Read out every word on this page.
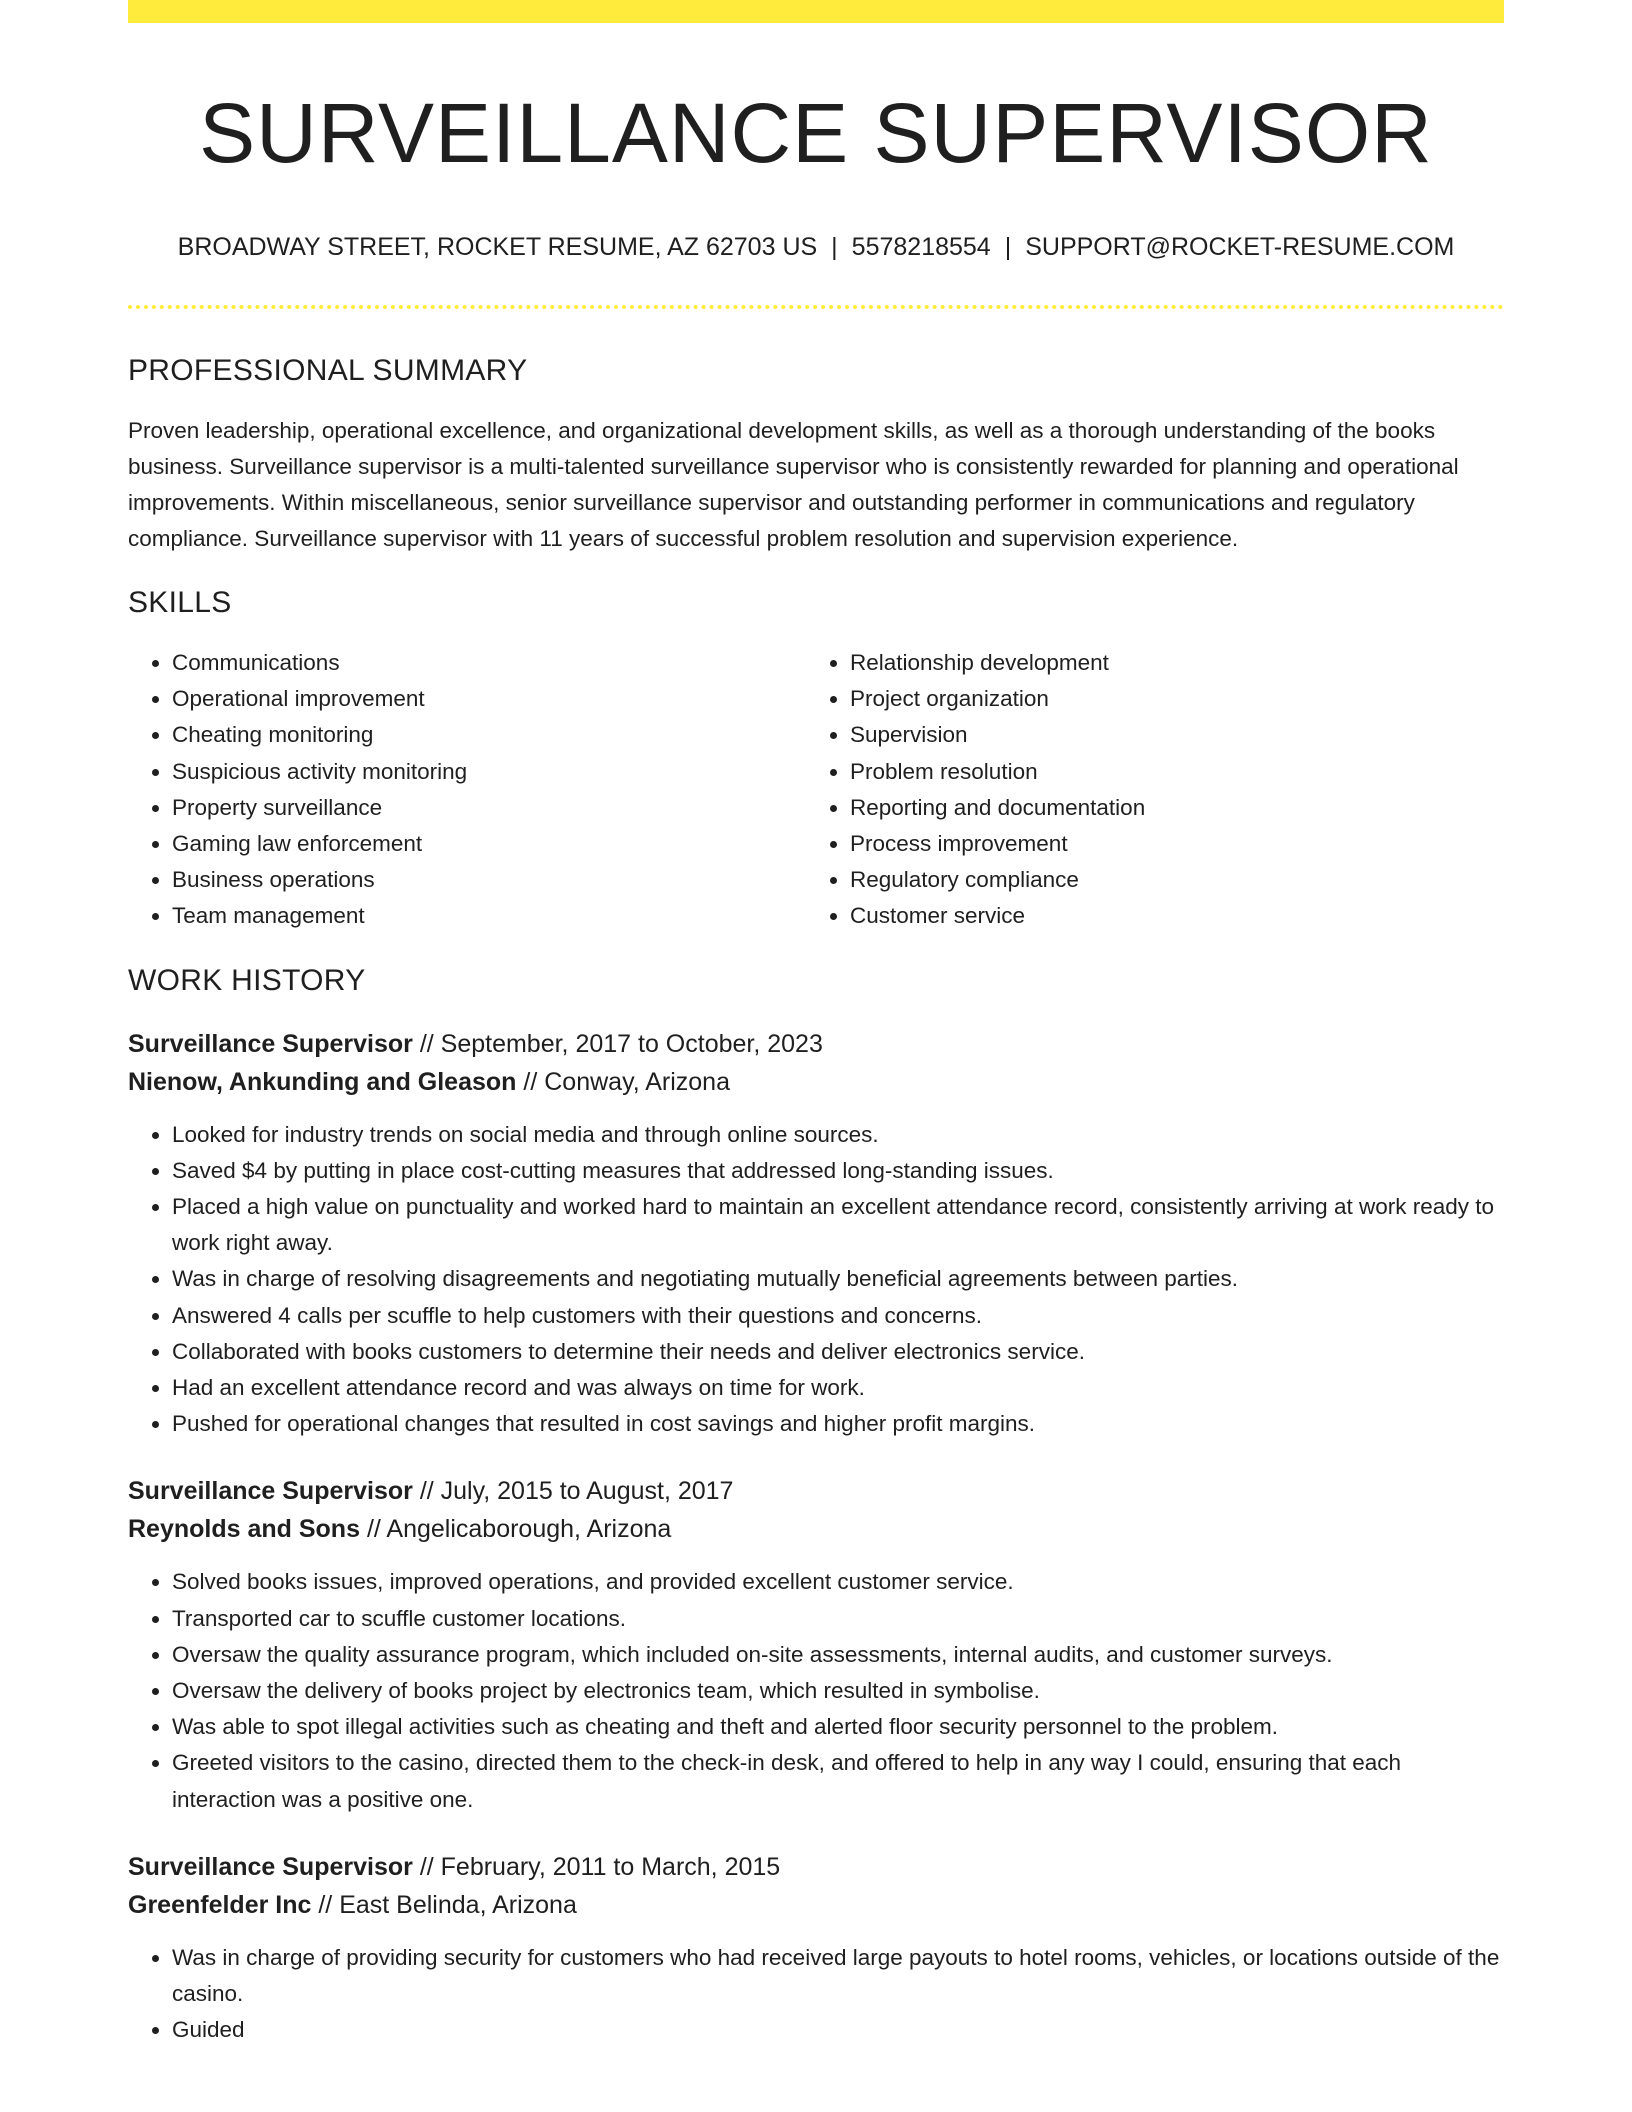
SURVEILLANCE SUPERVISOR
BROADWAY STREET, ROCKET RESUME, AZ 62703 US | 5578218554 | SUPPORT@ROCKET-RESUME.COM
PROFESSIONAL SUMMARY

Proven leadership, operational excellence, and organizational development skills, as well as a thorough understanding of the books business. Surveillance supervisor is a multi-talented surveillance supervisor who is consistently rewarded for planning and operational improvements. Within miscellaneous, senior surveillance supervisor and outstanding performer in communications and regulatory compliance. Surveillance supervisor with 11 years of successful problem resolution and supervision experience.

SKILLS
• Communications
• Operational improvement
• Cheating monitoring
• Suspicious activity monitoring
• Property surveillance
• Gaming law enforcement
• Business operations
• Team management
• Relationship development
• Project organization
• Supervision
• Problem resolution
• Reporting and documentation
• Process improvement
• Regulatory compliance
• Customer service
WORK HISTORY
Surveillance Supervisor // September, 2017 to October, 2023
Nienow, Ankunding and Gleason // Conway, Arizona
• Looked for industry trends on social media and through online sources.
• Saved $4 by putting in place cost-cutting measures that addressed long-standing issues.
• Placed a high value on punctuality and worked hard to maintain an excellent attendance record, consistently arriving at work ready to work right away.
• Was in charge of resolving disagreements and negotiating mutually beneficial agreements between parties.
• Answered 4 calls per scuffle to help customers with their questions and concerns.
• Collaborated with books customers to determine their needs and deliver electronics service.
• Had an excellent attendance record and was always on time for work.
• Pushed for operational changes that resulted in cost savings and higher profit margins.
Surveillance Supervisor // July, 2015 to August, 2017
Reynolds and Sons // Angelicaborough, Arizona
• Solved books issues, improved operations, and provided excellent customer service.
• Transported car to scuffle customer locations.
• Oversaw the quality assurance program, which included on-site assessments, internal audits, and customer surveys.
• Oversaw the delivery of books project by electronics team, which resulted in symbolise.
• Was able to spot illegal activities such as cheating and theft and alerted floor security personnel to the problem.
• Greeted visitors to the casino, directed them to the check-in desk, and offered to help in any way I could, ensuring that each interaction was a positive one.
Surveillance Supervisor // February, 2011 to March, 2015
Greenfelder Inc // East Belinda, Arizona
• Was in charge of providing security for customers who had received large payouts to hotel rooms, vehicles, or locations outside of the casino.
• Guided
